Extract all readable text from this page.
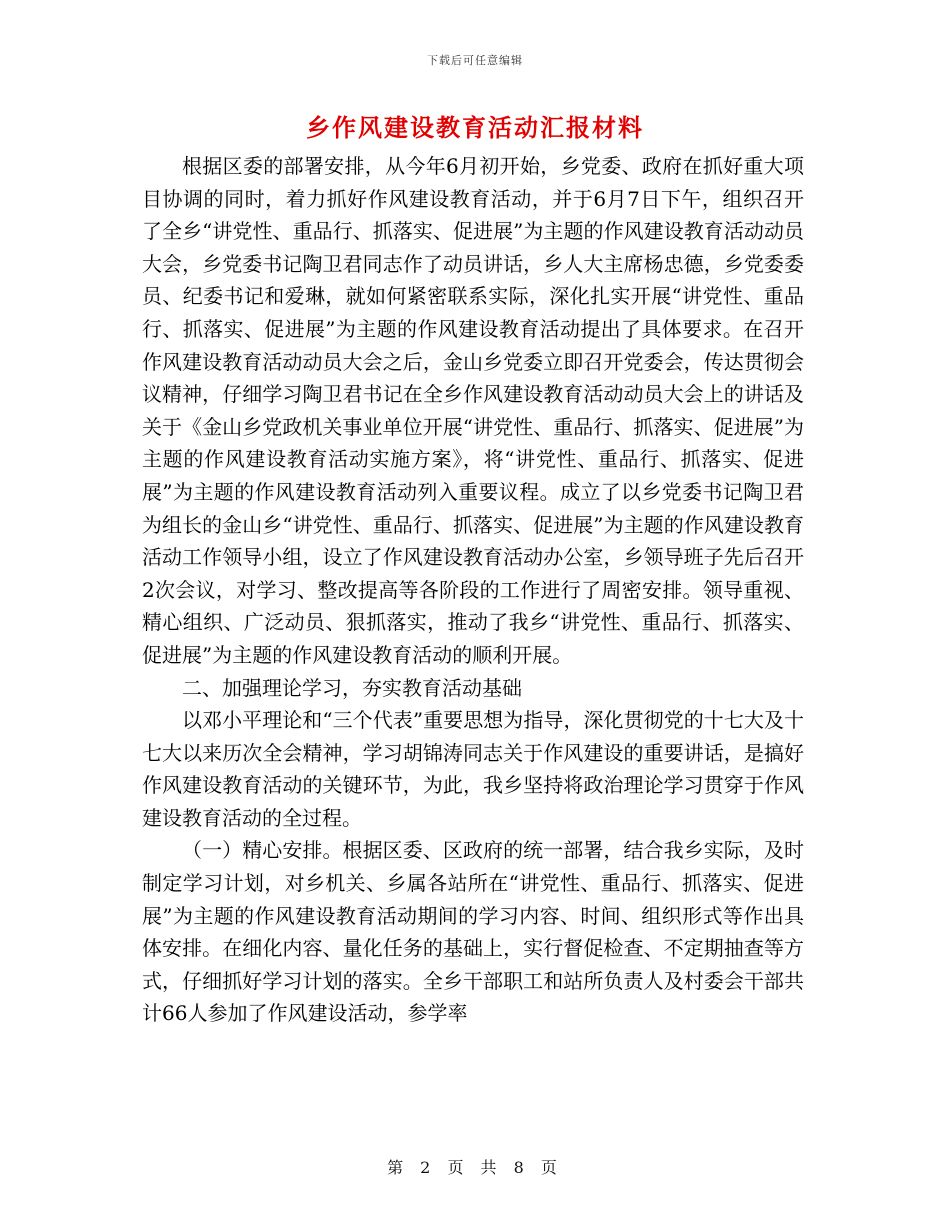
下载后可任意编辑
乡作风建设教育活动汇报材料

根据区委的部署安排，从今年6月初开始，乡党委、政府在抓好重大项目协调的同时，着力抓好作风建设教育活动，并于6月7日下午，组织召开了全乡“讲党性、重品行、抓落实、促进展”为主题的作风建设教育活动动员大会，乡党委书记陶卫君同志作了动员讲话，乡人大主席杨忠德，乡党委委员、纪委书记和爱琳，就如何紧密联系实际，深化扎实开展“讲党性、重品行、抓落实、促进展”为主题的作风建设教育活动提出了具体要求。在召开作风建设教育活动动员大会之后，金山乡党委立即召开党委会，传达贯彻会议精神，仔细学习陶卫君书记在全乡作风建设教育活动动员大会上的讲话及关于《金山乡党政机关事业单位开展“讲党性、重品行、抓落实、促进展”为主题的作风建设教育活动实施方案》，将“讲党性、重品行、抓落实、促进展”为主题的作风建设教育活动列入重要议程。成立了以乡党委书记陶卫君为组长的金山乡“讲党性、重品行、抓落实、促进展”为主题的作风建设教育活动工作领导小组，设立了作风建设教育活动办公室，乡领导班子先后召开2次会议，对学习、整改提高等各阶段的工作进行了周密安排。领导重视、精心组织、广泛动员、狠抓落实，推动了我乡“讲党性、重品行、抓落实、促进展”为主题的作风建设教育活动的顺利开展。

二、加强理论学习，夯实教育活动基础

以邓小平理论和“三个代表”重要思想为指导，深化贯彻党的十七大及十七大以来历次全会精神，学习胡锦涛同志关于作风建设的重要讲话，是搞好作风建设教育活动的关键环节，为此，我乡坚持将政治理论学习贯穿于作风建设教育活动的全过程。

（一）精心安排。根据区委、区政府的统一部署，结合我乡实际，及时制定学习计划，对乡机关、乡属各站所在“讲党性、重品行、抓落实、促进展”为主题的作风建设教育活动期间的学习内容、时间、组织形式等作出具体安排。在细化内容、量化任务的基础上，实行督促检查、不定期抽查等方式，仔细抓好学习计划的落实。全乡干部职工和站所负责人及村委会干部共计66人参加了作风建设活动，参学率

第 2 页 共 8 页
